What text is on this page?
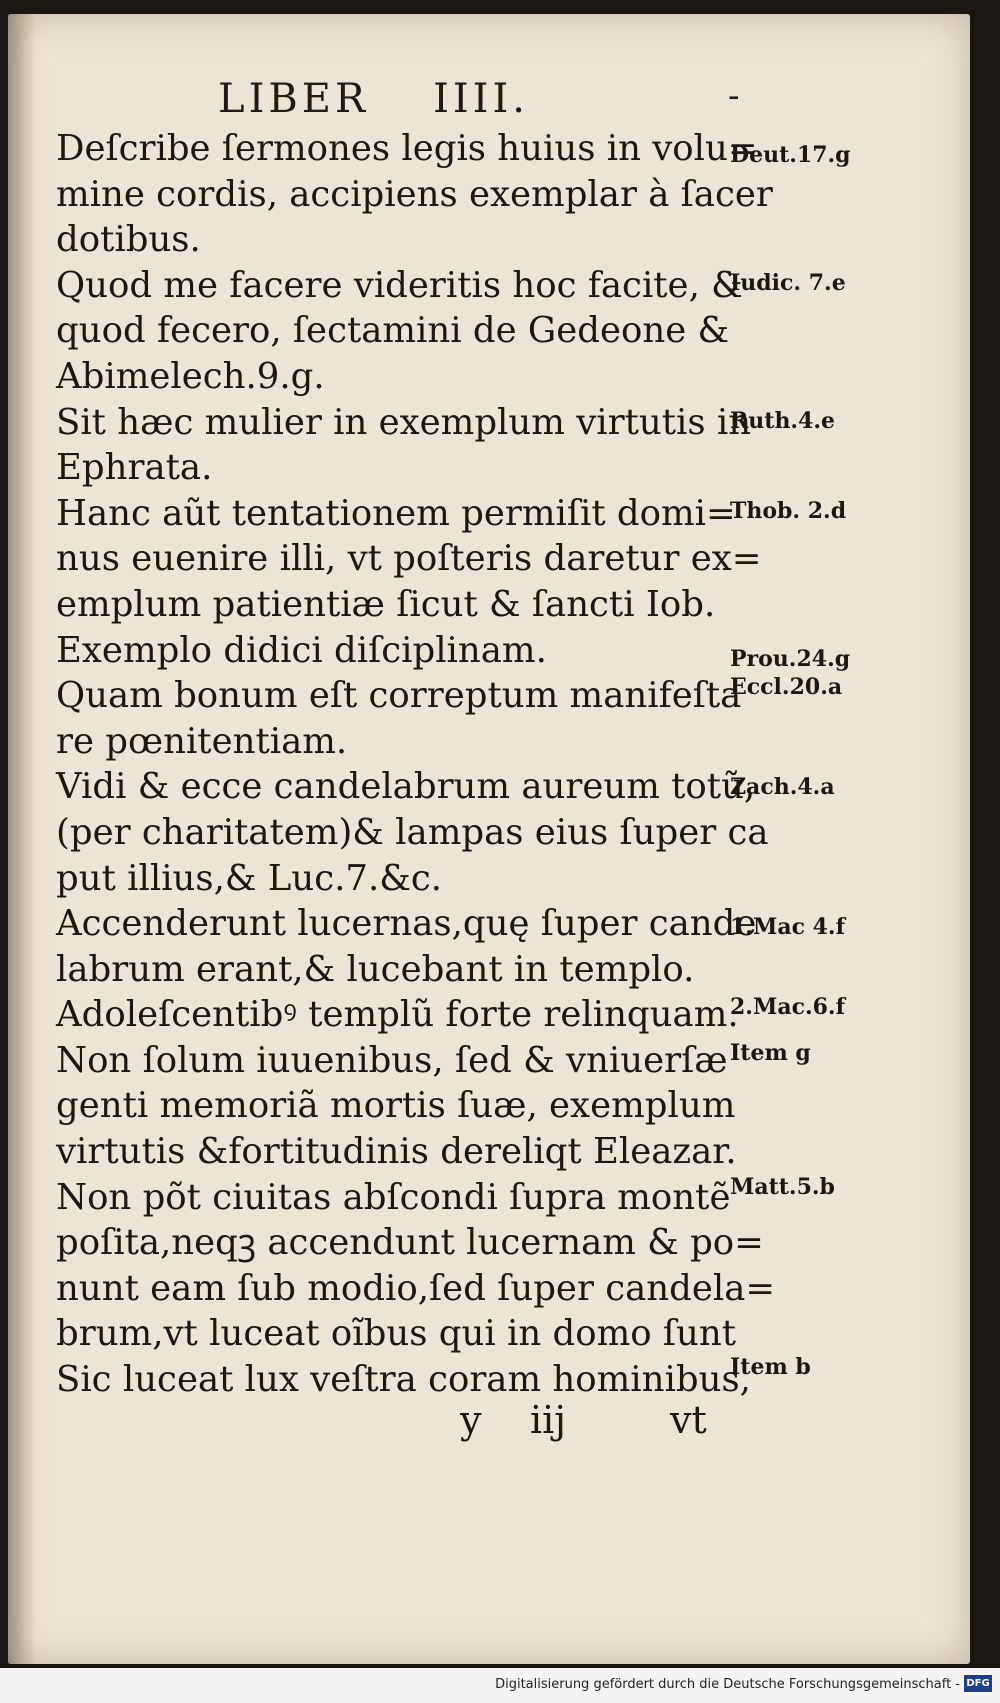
LIBER IIII.	-
Deſcribe ſermones legis huius in volu=
mine cordis, accipiens exemplar à ſacer
dotibus.
Quod me facere videritis hoc facite, &
quod fecero, ſectamini de Gedeone &
Abimelech.9.g.
Sit hæc mulier in exemplum virtutis in
Ephrata.
Hanc aũt tentationem permiſit domi=
nus euenire illi, vt poſteris daretur ex=
emplum patientiæ ſicut & ſancti Iob.
Exemplo didici diſciplinam.
Quam bonum eſt correptum manifeſta
re pœnitentiam.
Vidi & ecce candelabrum aureum totũ,
(per charitatem)& lampas eius ſuper ca
put illius,& Luc.7.&c.
Accenderunt lucernas,quę ſuper cande
labrum erant,& lucebant in templo.
Adoleſcentibꝰ templũ forte relinquam.
Non ſolum iuuenibus, ſed & vniuerſæ
genti memoriã mortis ſuæ, exemplum
virtutis &fortitudinis dereliqt Eleazar.
Non põt ciuitas abſcondi ſupra montẽ
poſita,neqꝫ accendunt lucernam & po=
nunt eam ſub modio,ſed ſuper candela=
brum,vt luceat oĩbus qui in domo ſunt
Sic luceat lux veſtra coram hominibus,
Deut.17.g
Iudic. 7.e
Ruth.4.e
Thob. 2.d
Prou.24.g
Eccl.20.a
Zach.4.a
1.Mac 4.f
2.Mac.6.f
Item g
Matt.5.b
Item b
y iij	vt
Digitalisierung gefördert durch die Deutsche Forschungsgemeinschaft - DFG
